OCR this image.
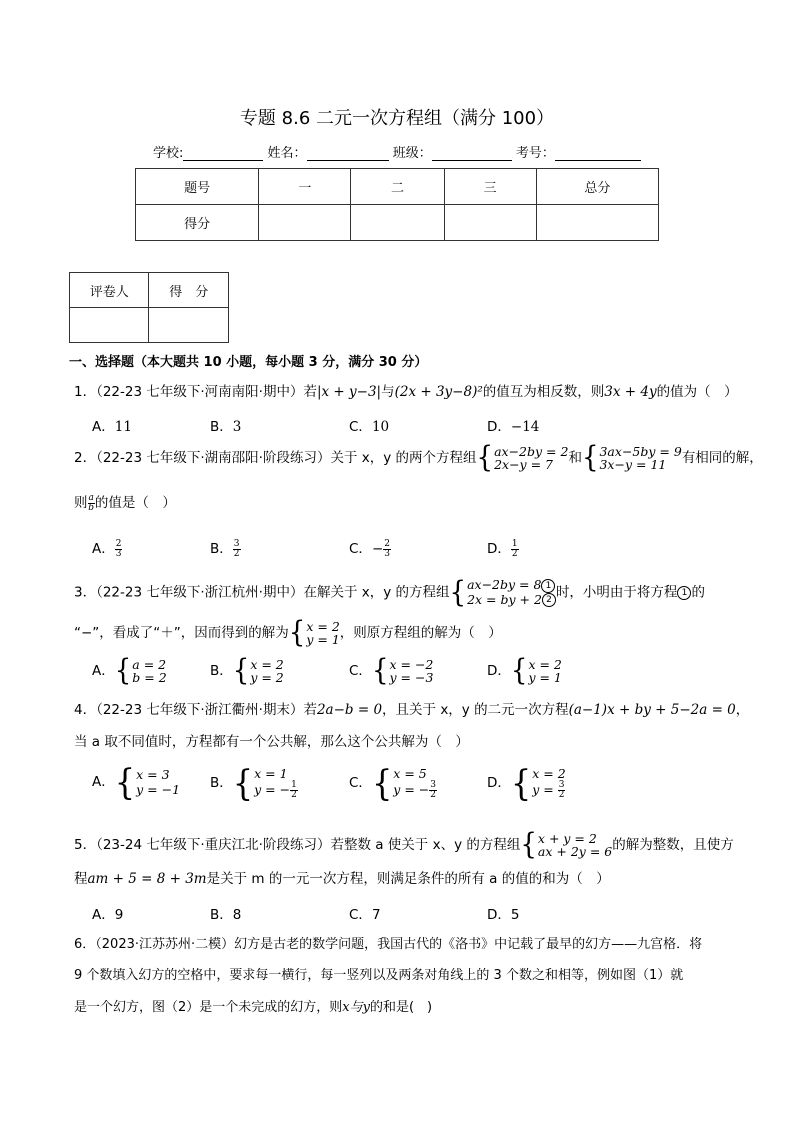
专题 8.6 二元一次方程组（满分 100）
学校:	姓名：	班级：	考号：
题号	一	二	三	总分
得分				
评卷人	得　分

一、选择题（本大题共 10 小题，每小题 3 分，满分 30 分）
1．（22-23 七年级下·河南南阳·期中）若|x + y−3|与(2x + 3y−8)²的值互为相反数，则3x + 4y的值为（　）
A．11	B．3	C．10	D．−14
2．（22-23 七年级下·湖南邵阳·阶段练习）关于 x，y 的两个方程组 { ax−2by = 2
2x−y = 7	和 { 3ax−5by = 9
3x−y = 11	有相同的解，
则 $\frac{a}{b}$ 的值是（　）
A． $\frac{2}{3}$	B． $\frac{3}{2}$	C．− $\frac{2}{3}$	D． $\frac{1}{2}$
3．（22-23 七年级下·浙江杭州·期中）在解关于 x，y 的方程组 { ax−2by = 8 1
2x = by + 2 2 时，小明由于将方程 1 的
“−”，看成了“＋”，因而得到的解为 { x = 2
y = 1 ，则原方程组的解为（　）
A． { a = 2
b = 2	B． { x = 2
y = 2	C． { x = −2
y = −3	D． { x = 2
y = 1
4．（22-23 七年级下·浙江衢州·期末）若2a−b = 0，且关于 x，y 的二元一次方程(a−1)x + by + 5−2a = 0，
当 a 取不同值时，方程都有一个公共解，那么这个公共解为（　）
A． { x = 3
y = −1 B． { x = 1
y = − $\frac{1}{2}$	C． { x = 5
y = − $\frac{3}{2}$	D． { x = 2
$y = \frac{3}{2}$
5．（23-24 七年级下·重庆江北·阶段练习）若整数 a 使关于 x、y 的方程组 { x + y = 2
ax + 2y = 6 的解为整数，且使方
程am + 5 = 8 + 3m是关于 m 的一元一次方程，则满足条件的所有 a 的值的和为（　）
A．9	B．8	C．7	D．5
6．（2023·江苏苏州·二模）幻方是古老的数学问题，我国古代的《洛书》中记载了最早的幻方——九宫格．将
9 个数填入幻方的空格中，要求每一横行，每一竖列以及两条对角线上的 3 个数之和相等，例如图（1）就
是一个幻方，图（2）是一个未完成的幻方，则x与y的和是(　)
